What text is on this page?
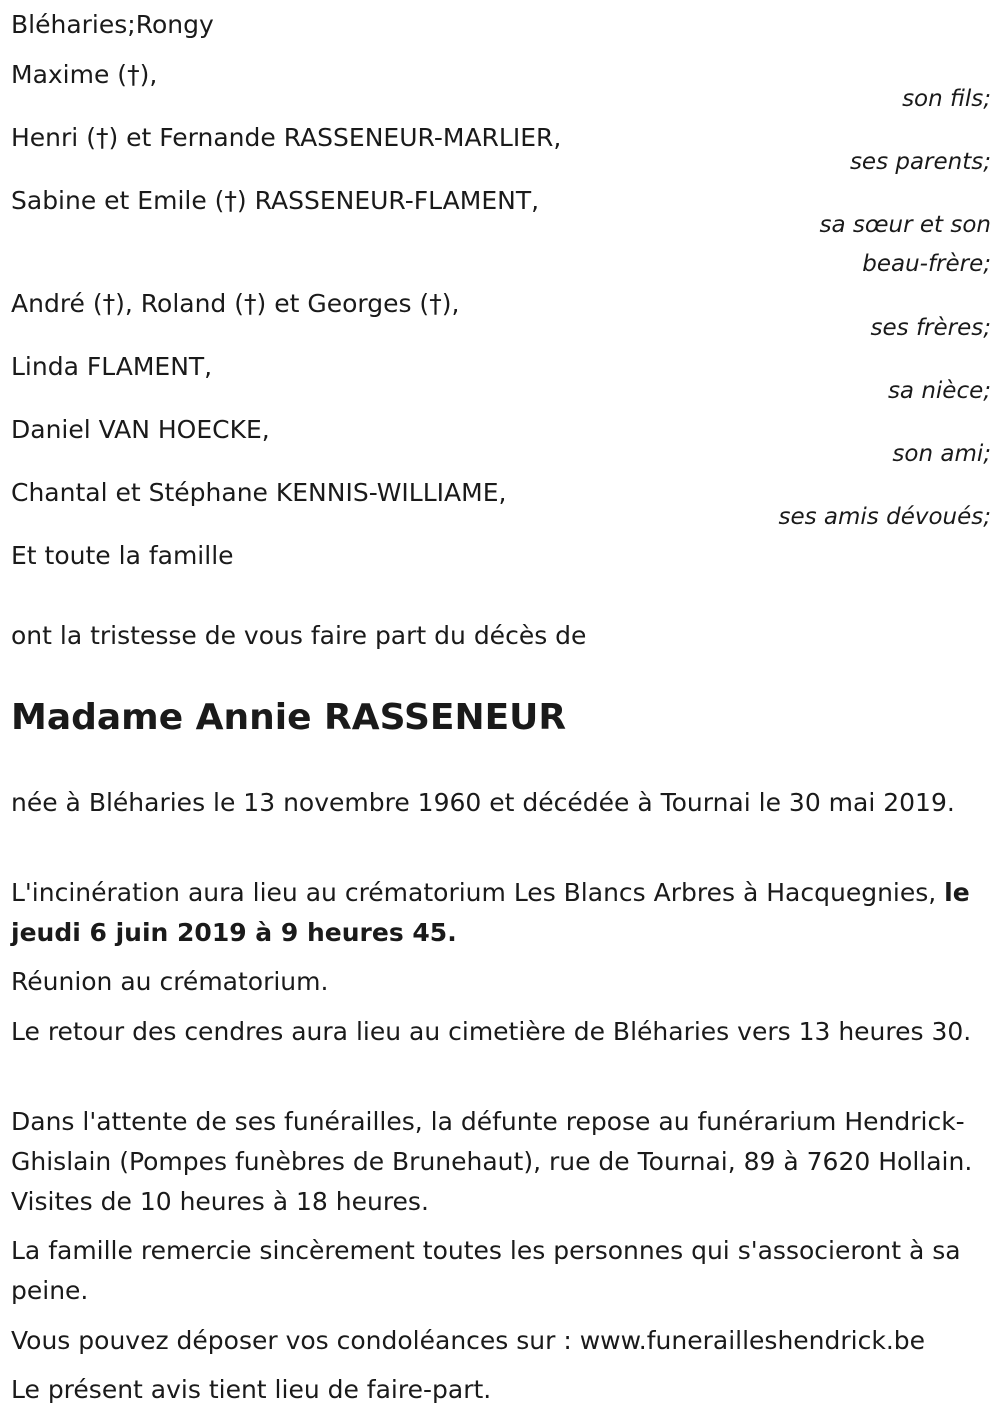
Bléharies;Rongy
Maxime (†),
son fils;
Henri (†) et Fernande RASSENEUR-MARLIER,
ses parents;
Sabine et Emile (†) RASSENEUR-FLAMENT,
sa sœur et son
beau-frère;
André (†), Roland (†) et Georges (†),
ses frères;
Linda FLAMENT,
sa nièce;
Daniel VAN HOECKE,
son ami;
Chantal et Stéphane KENNIS-WILLIAME,
ses amis dévoués;
Et toute la famille
ont la tristesse de vous faire part du décès de
Madame Annie RASSENEUR
née à Bléharies le 13 novembre 1960 et décédée à Tournai le 30 mai 2019.
L'incinération aura lieu au crématorium Les Blancs Arbres à Hacquegnies, le jeudi 6 juin 2019 à 9 heures 45.
Réunion au crématorium.
Le retour des cendres aura lieu au cimetière de Bléharies vers 13 heures 30.
Dans l'attente de ses funérailles, la défunte repose au funérarium Hendrick-Ghislain (Pompes funèbres de Brunehaut), rue de Tournai, 89 à 7620 Hollain. Visites de 10 heures à 18 heures.
La famille remercie sincèrement toutes les personnes qui s'associeront à sa peine.
Vous pouvez déposer vos condoléances sur : www.funerailleshendrick.be
Le présent avis tient lieu de faire-part.
